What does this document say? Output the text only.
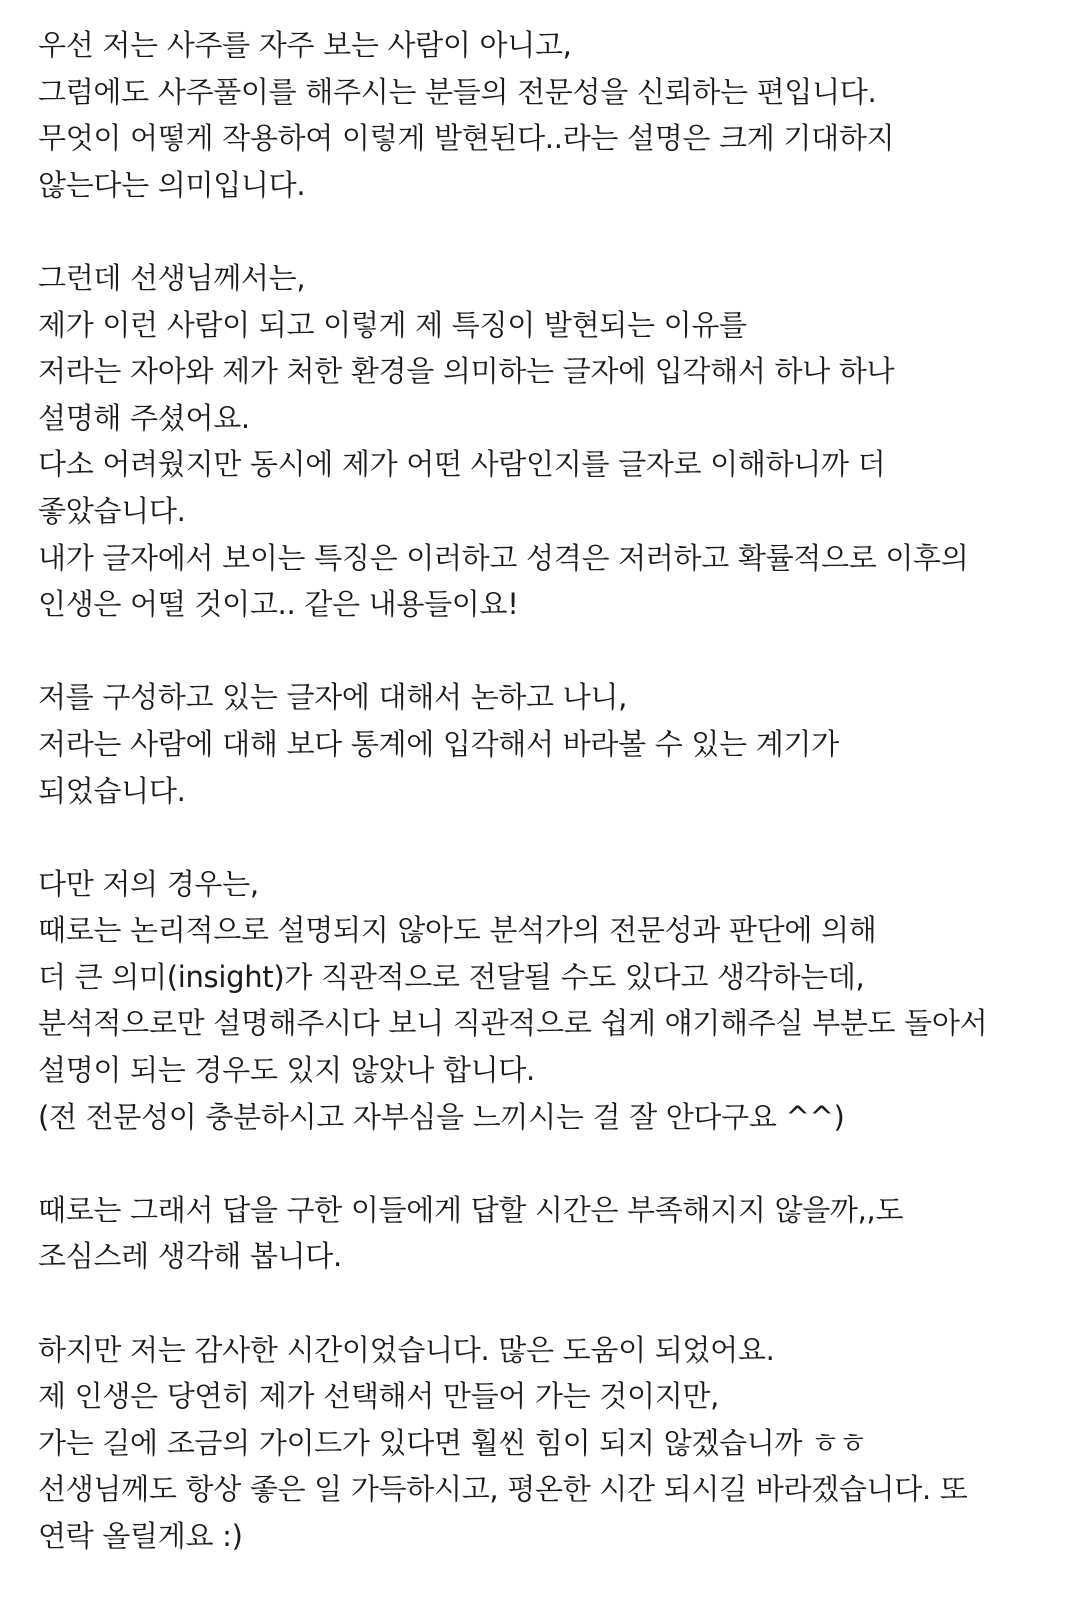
우선 저는 사주를 자주 보는 사람이 아니고,
그럼에도 사주풀이를 해주시는 분들의 전문성을 신뢰하는 편입니다.
무엇이 어떻게 작용하여 이렇게 발현된다..라는 설명은 크게 기대하지
않는다는 의미입니다.
그런데 선생님께서는,
제가 이런 사람이 되고 이렇게 제 특징이 발현되는 이유를
저라는 자아와 제가 처한 환경을 의미하는 글자에 입각해서 하나 하나
설명해 주셨어요.
다소 어려웠지만 동시에 제가 어떤 사람인지를 글자로 이해하니까 더
좋았습니다.
내가 글자에서 보이는 특징은 이러하고 성격은 저러하고 확률적으로 이후의
인생은 어떨 것이고.. 같은 내용들이요!
저를 구성하고 있는 글자에 대해서 논하고 나니,
저라는 사람에 대해 보다 통계에 입각해서 바라볼 수 있는 계기가
되었습니다.
다만 저의 경우는,
때로는 논리적으로 설명되지 않아도 분석가의 전문성과 판단에 의해
더 큰 의미(insight)가 직관적으로 전달될 수도 있다고 생각하는데,
분석적으로만 설명해주시다 보니 직관적으로 쉽게 얘기해주실 부분도 돌아서
설명이 되는 경우도 있지 않았나 합니다.
(전 전문성이 충분하시고 자부심을 느끼시는 걸 잘 안다구요 ^^)
때로는 그래서 답을 구한 이들에게 답할 시간은 부족해지지 않을까,,도
조심스레 생각해 봅니다.
하지만 저는 감사한 시간이었습니다. 많은 도움이 되었어요.
제 인생은 당연히 제가 선택해서 만들어 가는 것이지만,
가는 길에 조금의 가이드가 있다면 훨씬 힘이 되지 않겠습니까 ㅎㅎ
선생님께도 항상 좋은 일 가득하시고, 평온한 시간 되시길 바라겠습니다. 또
연락 올릴게요 :)
